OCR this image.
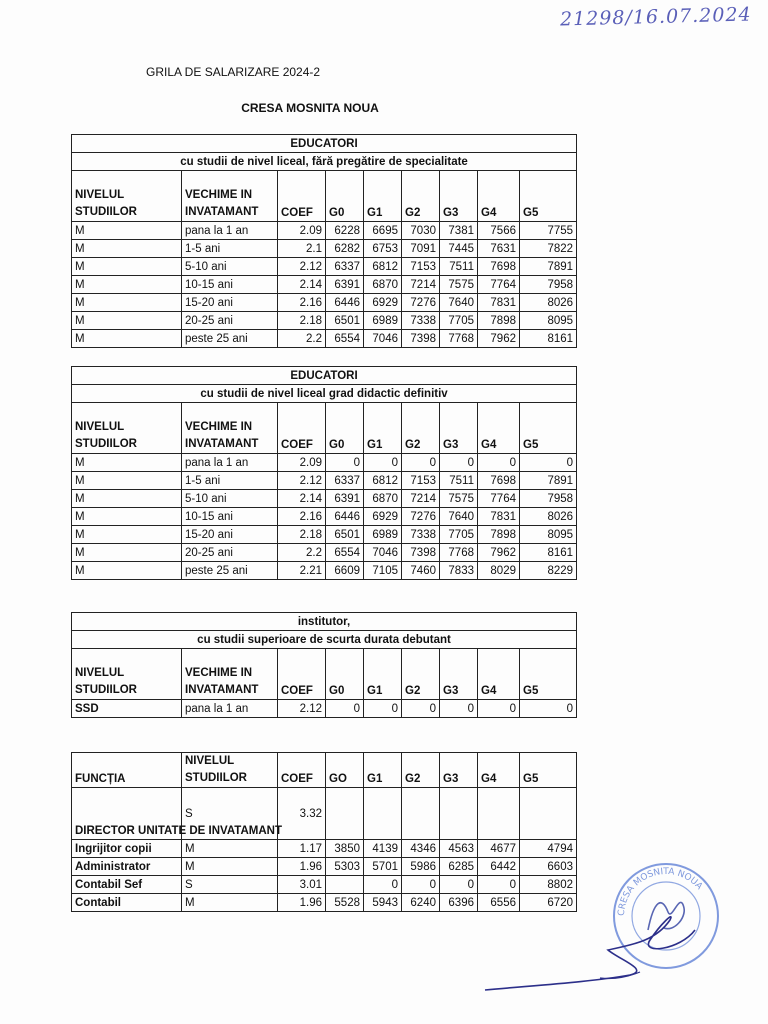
21298/16.07.2024
GRILA DE SALARIZARE 2024-2
CRESA MOSNITA NOUA
EDUCATORI								
cu studii de nivel liceal, fără pregătire de specialitate								
NIVELUL
STUDIILOR	VECHIME IN
INVATAMANT	COEF	G0	G1	G2	G3	G4	G5
M	pana la 1 an	2.09	6228	6695	7030	7381	7566	7755
M	1-5 ani	2.1	6282	6753	7091	7445	7631	7822
M	5-10 ani	2.12	6337	6812	7153	7511	7698	7891
M	10-15 ani	2.14	6391	6870	7214	7575	7764	7958
M	15-20 ani	2.16	6446	6929	7276	7640	7831	8026
M	20-25 ani	2.18	6501	6989	7338	7705	7898	8095
M	peste 25 ani	2.2	6554	7046	7398	7768	7962	8161
EDUCATORI								
cu studii de nivel liceal grad didactic definitiv								
NIVELUL
STUDIILOR	VECHIME IN
INVATAMANT	COEF	G0	G1	G2	G3	G4	G5
M	pana la 1 an	2.09	0	0	0	0	0	0
M	1-5 ani	2.12	6337	6812	7153	7511	7698	7891
M	5-10 ani	2.14	6391	6870	7214	7575	7764	7958
M	10-15 ani	2.16	6446	6929	7276	7640	7831	8026
M	15-20 ani	2.18	6501	6989	7338	7705	7898	8095
M	20-25 ani	2.2	6554	7046	7398	7768	7962	8161
M	peste 25 ani	2.21	6609	7105	7460	7833	8029	8229
institutor,								
cu studii superioare de scurta durata debutant								
NIVELUL
STUDIILOR	VECHIME IN
INVATAMANT	COEF	G0	G1	G2	G3	G4	G5
SSD	pana la 1 an	2.12	0	0	0	0	0	0
FUNCȚIA	NIVELUL
STUDIILOR	COEF	GO	G1	G2	G3	G4	G5
DIRECTOR UNITATE DE INVATAMANT	S	3.32						
Ingrijitor copii	M	1.17	3850	4139	4346	4563	4677	4794
Administrator	M	1.96	5303	5701	5986	6285	6442	6603
Contabil Sef	S	3.01		0	0	0	0	8802
Contabil	M	1.96	5528	5943	6240	6396	6556	6720
CRESA MOSNITA NOUA
